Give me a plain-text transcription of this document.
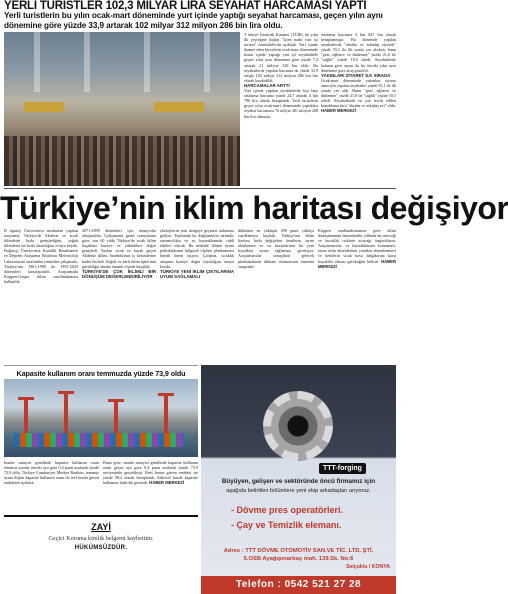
YERLİ TURİSTLER 102,3 MİLYAR LİRA SEYAHAT HARCAMASI YAPTI
Yerli turistlerin bu yılın ocak-mart döneminde yurt içinde yaptığı seyahat harcaması, geçen yılın aynı dönemine göre yüzde 33,9 artarak 102 milyar 312 milyon 286 bin lira oldu.
T ürkiye İstatistik Kurumu (TÜİK) bu yılın ilk çeyreğine ilişkin "İçten nadir yurt içi turizm" istatistiklerini açıkladı. Yurt içinde ikamet eden bireylerin ocak-mart döneminde konut içinde yaptığı yurt içi seyahatlerle geçen yılın aynı dönemine göre yüzde 7,4 artarak 21 milyon 336 bin oldu. Bu seyahatlerde yapılan harcama da yüzde 33,9 artışla 102 milyar 312 milyon 286 bin lira olarak kaydedildi.
HARCAMALAR ARTTI
Yurt içinde yapılan seyahatlerde kişi başı ortalama harcama yüzde 24,7 artarak 4 bin 796 lira olarak hesaplandı. Yerli turistlerin geçen yılın ocak-mart döneminde yaptıkları seyahat harcaması 76 milyar 401 milyon 208 bin lira olmuştu.
ortalama harcama 3 bin 847 lira olarak hesaplanmıştı. Bu dönemde yapılan seyahatlerde "akraba ve arkadaş ziyareti" yüzde 55,1 ile ilk sırada yer alırken, bunu "gezi, eğlence ve dinlenme" yüzde 21,6 ile "sağlık" yüzde 10,5 izledi. Seyahatlerde kalınan gece sayısı da bir önceki yılın aynı dönemine göre artış gösterdi.
YAKINLARI ZİYARET İLK SIRADA
Ocak-mart döneminde yakınları ziyaret amacıyla yapılan seyahatler yüzde 55,1 ile ilk sırada yer aldı. Bunu "gezi, eğlence ve dinlenme" yüzde 21,6 ile "sağlık" yüzde 10,5 izledi. Seyahatlerde en çok tercih edilen konaklama türü "akraba ve arkadaş evi" oldu. HABER MERKEZİ
Türkiye’nin iklim haritası değişiyor
B oğaziçi Üniversitesi tarafından yapılan araştırma, Türkiye'de Akdeniz ve sıcak iklimlerin hızla genişlediğini, soğuk iklimlerin ise hızla daraldığını ortaya koydu. Boğaziçi Üniversitesi Kandilli Rasathanesi ve Deprem Araştırma Enstitüsü Meteoroloji Laboratuvarı tarafından yürütülen çalışmada, Türkiye'nin 1961-1990 ile 1991-2020 dönemleri karşılaştırıldı. Araştırmada Köppen-Geiger iklim sınıflandırması kullanıldı.
2071-2099 dönemleri için senaryolar oluşturuldu. Çalışmanın genel sonuçlarına göre, son 60 yılda Türkiye'de sıcak iklim kuşakları kuzeye ve yükseklere doğru genişledi. Yazları sıcak ve kurak geçen Akdeniz iklimi Anadolu'nun iç kesimlerine kadar ilerledi. Soğuk ve karlı iklim tiplerinin görüldüğü alanlar önemli ölçüde küçüldü.
TÜRKİYE'DE ÇOK İKLİMLİ BİR DÖNÜŞÜM DEĞERLENDİRİLİYOR
ekolojilerin yeni dengeye geçmesi anlamına geliyor. Toplumda bu değişimlerin tarımda, ormancılıkta ve su kaynaklarında ciddi etkileri olacak. Bu nedenle iklime uyum politikalarının bölgesel ölçekte planlanması büyük önem taşıyor. Çalışma, sıcaklık artışının kuzeye doğru yayıldığını ortaya koydu.
TÜRKİYE YENİ İKLİM ÇIKTILARINA UYUM SAĞLAMALI
dikkatine en yaklaşık 290 günü yıllıkça zayıflamaya başladı. Türkiye'nin iklim haritası hızla değişirken kentlerin, tarım alanlarının ve su havzalarının bu yeni koşullara uyum sağlaması gerekiyor. Araştırmacılar sonuçların gelecek planlamalarda dikkate alınmasının önemini vurguladı.
Köppen sınıflandırmasına göre iklim dönüşümünün önümüzdeki yıllarda da süreceği ve kuraklık riskinin artacağı öngörülüyor. Araştırmacılar, su kaynaklarının korunması, tarım ürün desenlerinin yeniden düzenlenmesi ve kentlerin sıcak hava dalgalarına karşı hazırlıklı olması gerektiğini belirtti. HABER MERKEZİ
Kapasite kullanım oranı temmuzda yüzde 73,9 oldu
İmalat sanayisi genelinde kapasite kullanım oranı temmuz ayında önceki aya göre 0,4 puan azalarak yüzde 73,9 oldu. Türkiye Cumhuriyet Merkez Bankası, temmuz ayına ilişkin kapasite kullanım oranı ile reel kesim güven endeksini açıkladı.
Buna göre, imalat sanayisi genelinde kapasite kullanım oranı geçen aya göre 0,4 puan azalarak yüzde 73,9 seviyesinde gerçekleşti. Reel kesim güven endeksi ise yüzde 98,4 olarak hesaplandı. Sektörel bazda kapasite kullanımı farklılık gösterdi. HABER MERKEZİ
ZAYİ
Geçici Koruma kimlik belgemi kaybettim.
HÜKÜMSÜZDÜR.
TTT-forging
Büyüyen, gelişen ve sektöründe öncü firmamız için
aşağıda belirtilen bölümlere yeni ekip arkadaşları arıyoruz.
- Dövme pres operatörleri.
- Çay ve Temizlik elemanı.
Adres : TTT DÖVME OTOMOTİV SAN.VE TİC. LTD. ŞTİ.
5.OSB Ayağıpınarbaş mah. 139.Sk. No:6
Selçuklu / KONYA
Telefon : 0542 521 27 28
